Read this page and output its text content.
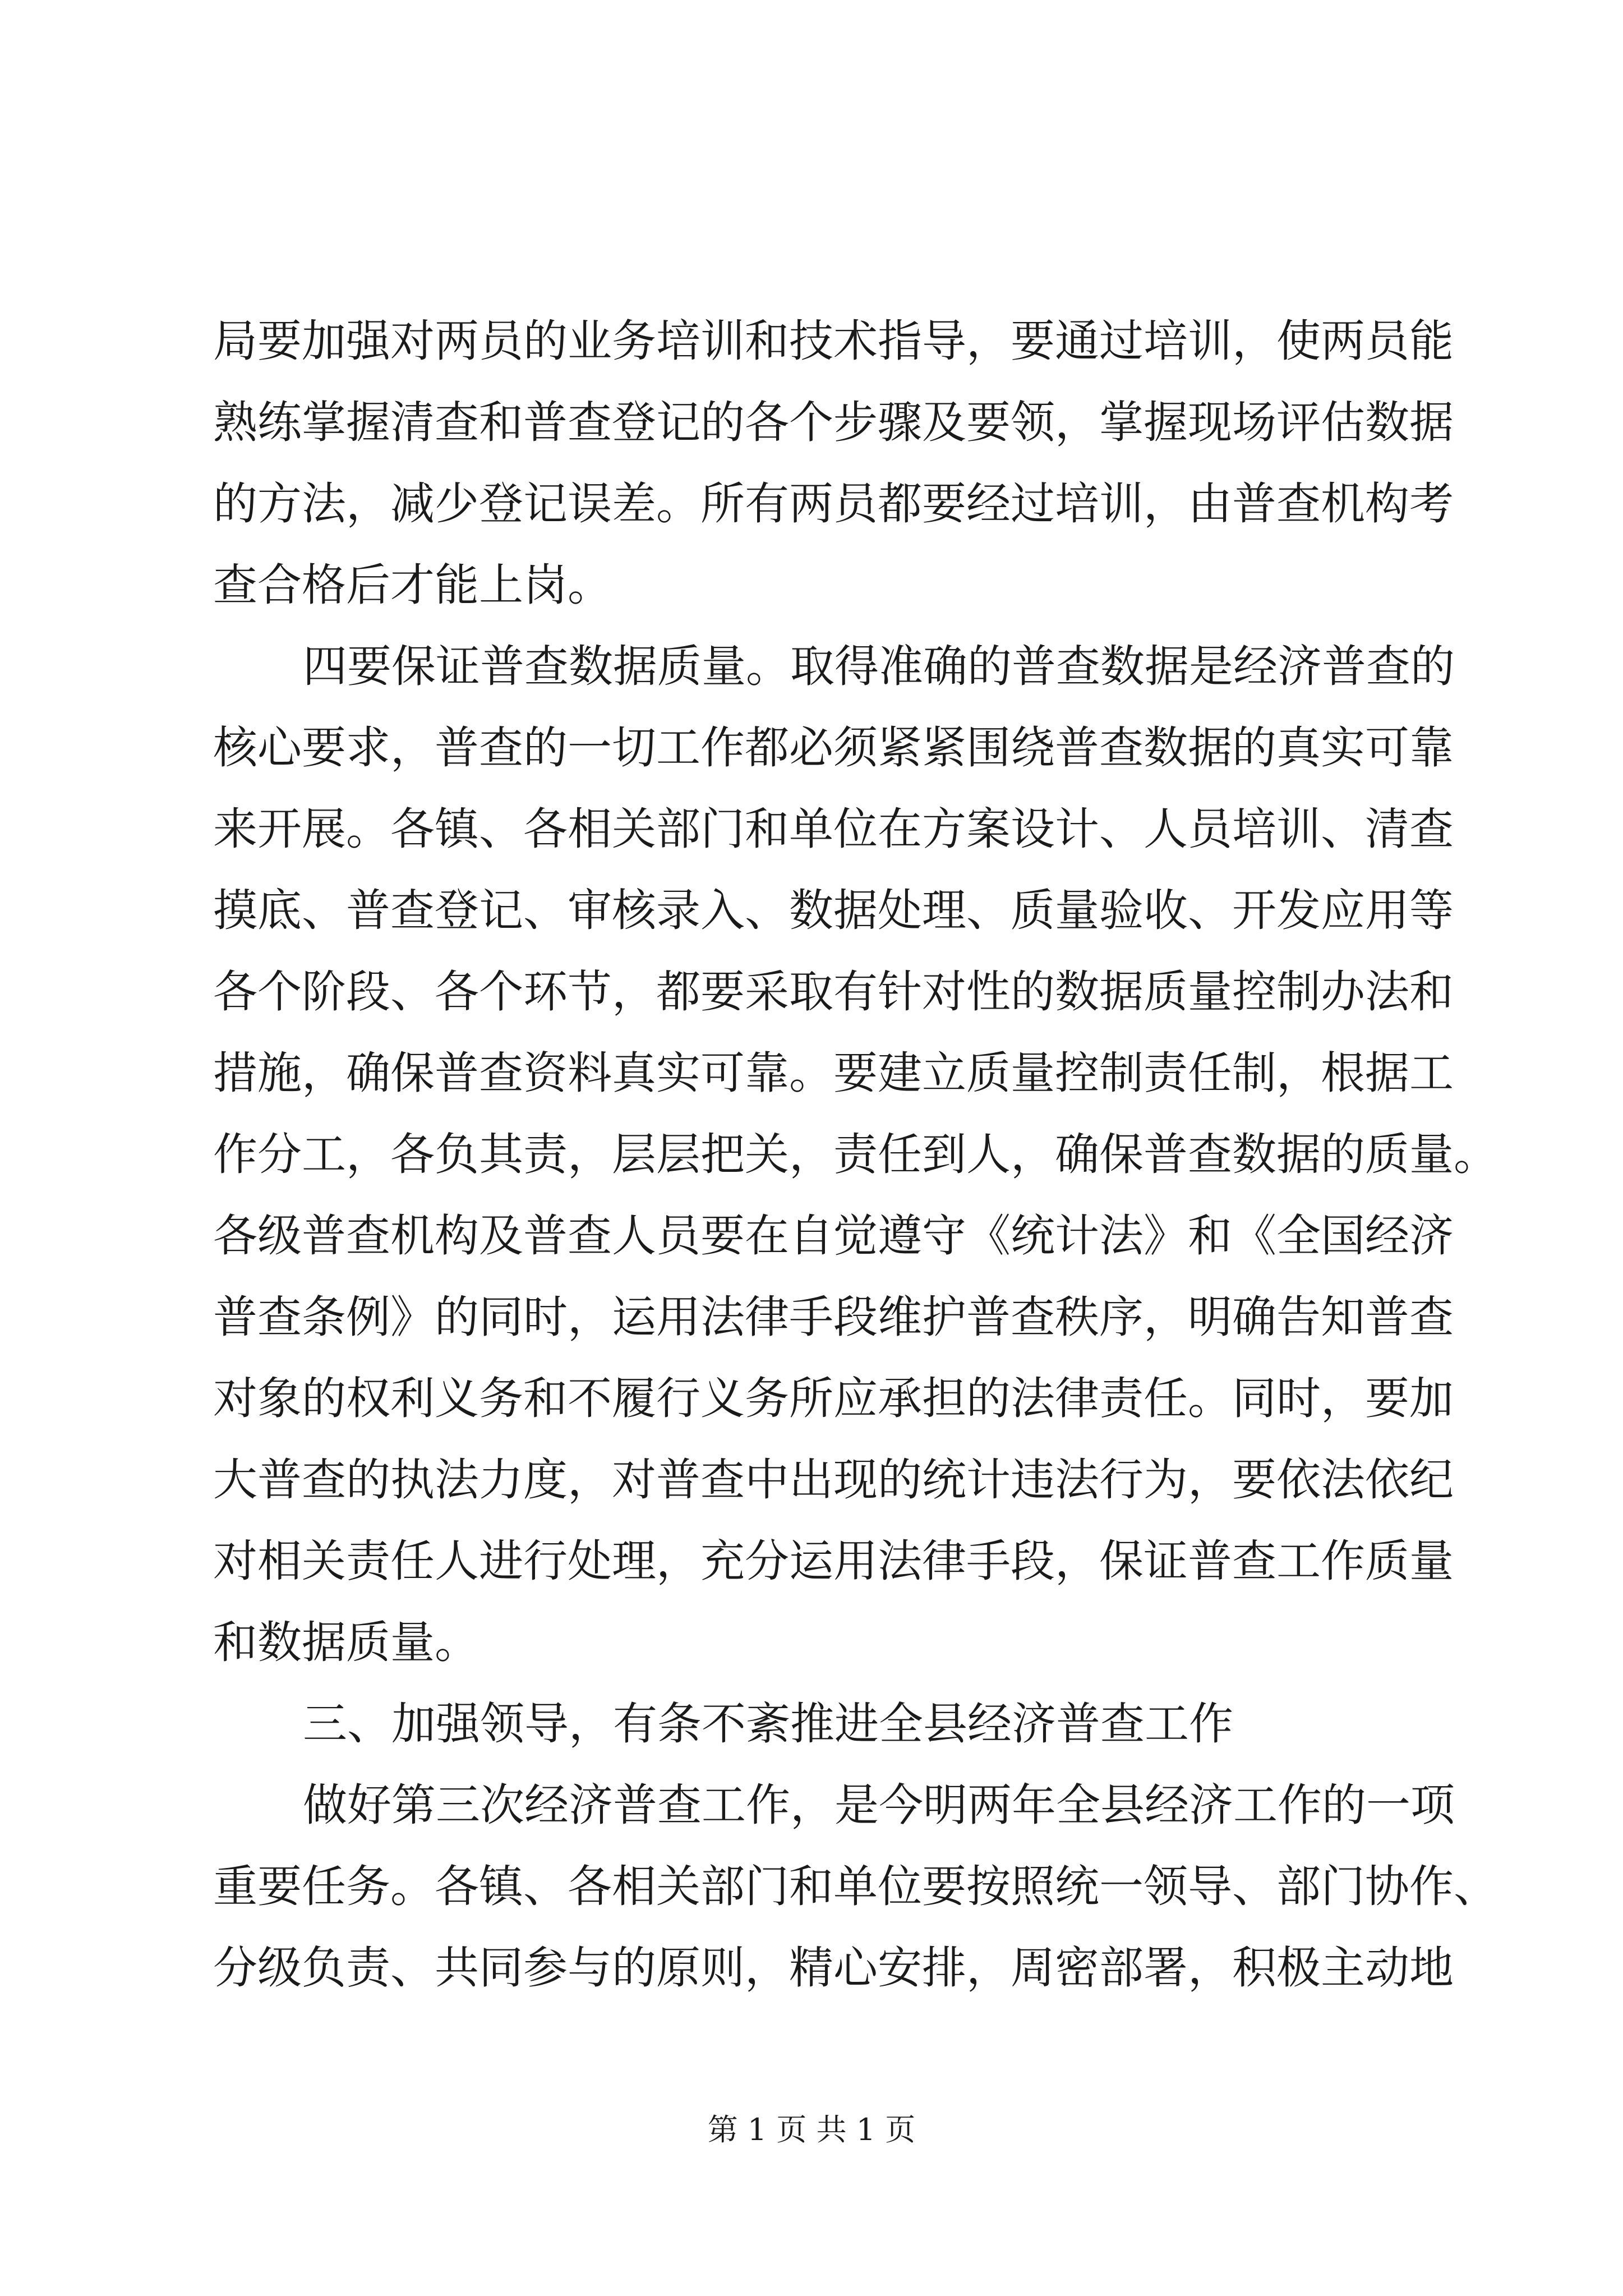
局要加强对两员的业务培训和技术指导，要通过培训，使两员能
熟练掌握清查和普查登记的各个步骤及要领，掌握现场评估数据
的方法，减少登记误差。所有两员都要经过培训，由普查机构考
查合格后才能上岗。
四要保证普查数据质量。取得准确的普查数据是经济普查的
核心要求，普查的一切工作都必须紧紧围绕普查数据的真实可靠
来开展。各镇、各相关部门和单位在方案设计、人员培训、清查
摸底、普查登记、审核录入、数据处理、质量验收、开发应用等
各个阶段、各个环节，都要采取有针对性的数据质量控制办法和
措施，确保普查资料真实可靠。要建立质量控制责任制，根据工
作分工，各负其责，层层把关，责任到人，确保普查数据的质量。
各级普查机构及普查人员要在自觉遵守《统计法》和《全国经济
普查条例》的同时，运用法律手段维护普查秩序，明确告知普查
对象的权利义务和不履行义务所应承担的法律责任。同时，要加
大普查的执法力度，对普查中出现的统计违法行为，要依法依纪
对相关责任人进行处理，充分运用法律手段，保证普查工作质量
和数据质量。
三、加强领导，有条不紊推进全县经济普查工作
做好第三次经济普查工作，是今明两年全县经济工作的一项
重要任务。各镇、各相关部门和单位要按照统一领导、部门协作、
分级负责、共同参与的原则，精心安排，周密部署，积极主动地
第 1 页 共 1 页
